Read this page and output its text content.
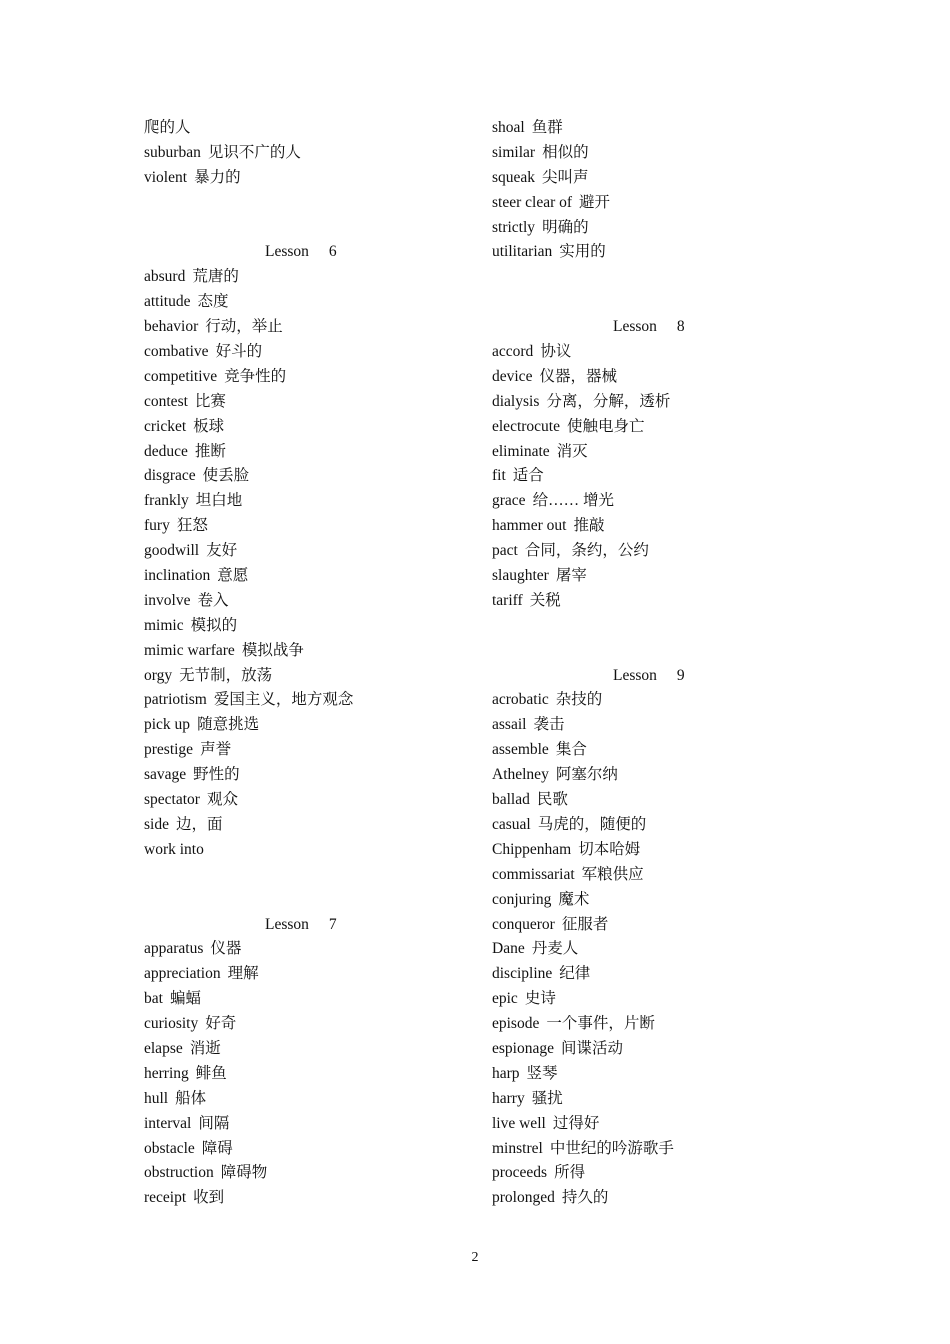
爬的人
suburban 见识不广的人
violent 暴力的
Lesson 6
absurd 荒唐的
attitude 态度
behavior 行动，举止
combative 好斗的
competitive 竞争性的
contest 比赛
cricket 板球
deduce 推断
disgrace 使丢脸
frankly 坦白地
fury 狂怒
goodwill 友好
inclination 意愿
involve 卷入
mimic 模拟的
mimic warfare 模拟战争
orgy 无节制，放荡
patriotism 爱国主义，地方观念
pick up 随意挑选
prestige 声誉
savage 野性的
spectator 观众
side 边，面
work into
Lesson 7
apparatus 仪器
appreciation 理解
bat 蝙蝠
curiosity 好奇
elapse 消逝
herring 鲱鱼
hull 船体
interval 间隔
obstacle 障碍
obstruction 障碍物
receipt 收到
shoal 鱼群
similar 相似的
squeak 尖叫声
steer clear of 避开
strictly 明确的
utilitarian 实用的
Lesson 8
accord 协议
device 仪器，器械
dialysis 分离，分解，透析
electrocute 使触电身亡
eliminate 消灭
fit 适合
grace 给…… 增光
hammer out 推敲
pact 合同，条约，公约
slaughter 屠宰
tariff 关税
Lesson 9
acrobatic 杂技的
assail 袭击
assemble 集合
Athelney 阿塞尔纳
ballad 民歌
casual 马虎的，随便的
Chippenham 切本哈姆
commissariat 军粮供应
conjuring 魔术
conqueror 征服者
Dane 丹麦人
discipline 纪律
epic 史诗
episode 一个事件，片断
espionage 间谍活动
harp 竖琴
harry 骚扰
live well 过得好
minstrel 中世纪的吟游歌手
proceeds 所得
prolonged 持久的
2
